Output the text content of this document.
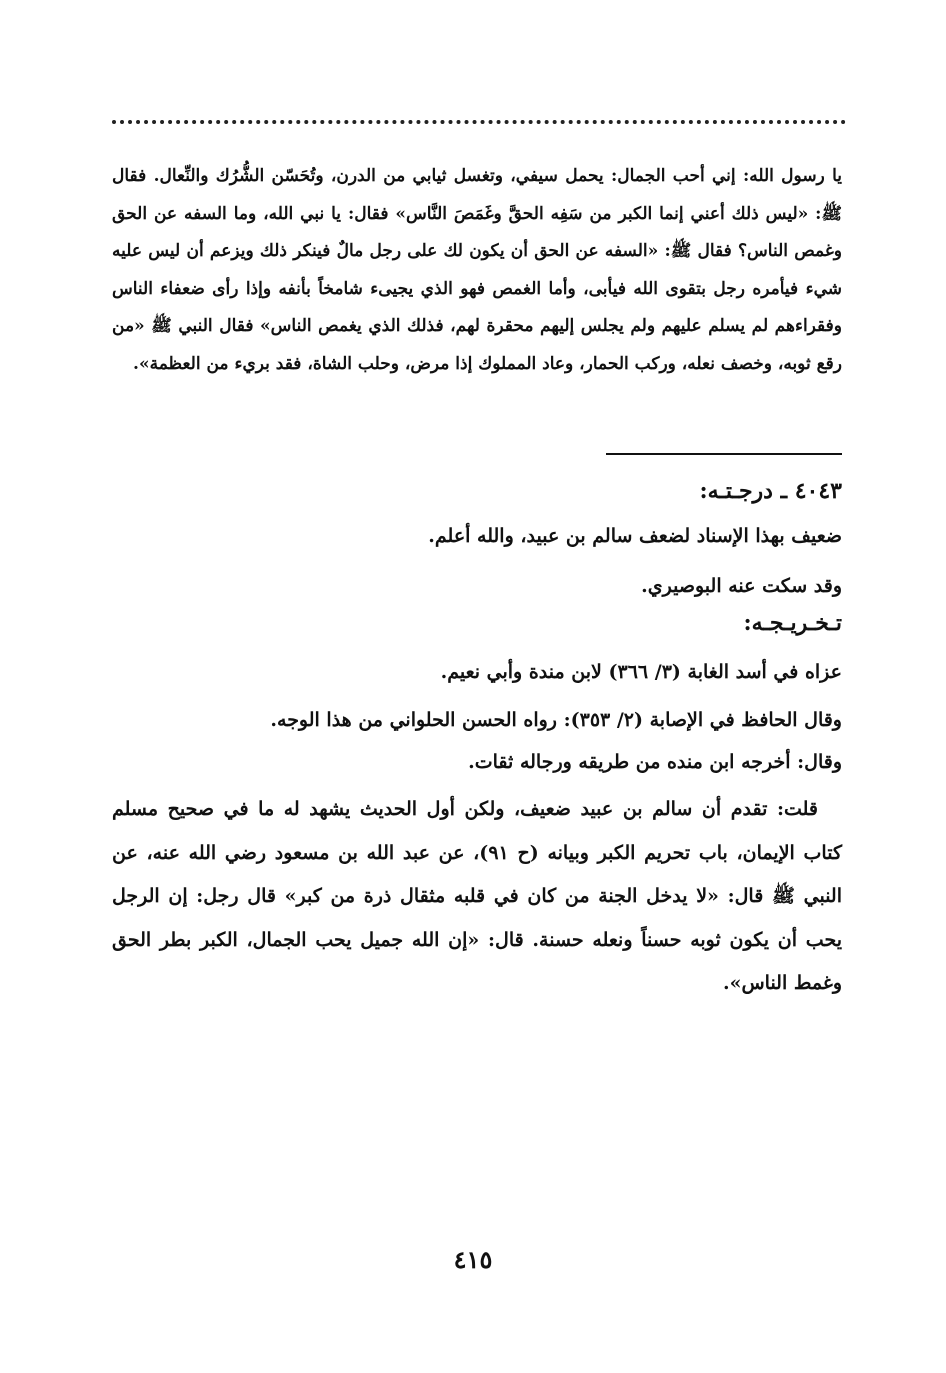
يا رسول الله: إني أحب الجمال: يحمل سيفي، وتغسل ثيابي من الدرن، وتُحَسّن الشُّرُك والنِّعال. فقال ﷺ: «ليس ذلك أعني إنما الكبر من سَفِه الحقَّ وغَمَصَ النَّاس» فقال: يا نبي الله، وما السفه عن الحق وغمص الناس؟ فقال ﷺ: «السفه عن الحق أن يكون لك على رجل مالٌ فينكر ذلك ويزعم أن ليس عليه شيء فيأمره رجل بتقوى الله فيأبى، وأما الغمص فهو الذي يجيىء شامخاً بأنفه وإذا رأى ضعفاء الناس وفقراءهم لم يسلم عليهم ولم يجلس إليهم محقرة لهم، فذلك الذي يغمص الناس» فقال النبي ﷺ «من رقع ثوبه، وخصف نعله، وركب الحمار، وعاد المملوك إذا مرض، وحلب الشاة، فقد بريء من العظمة».
٤٠٤٣ ـ درجـتـه:
ضعيف بهذا الإسناد لضعف سالم بن عبيد، والله أعلم.
وقد سكت عنه البوصيري.
تـخـريـجـه:
عزاه في أسد الغابة (٣/ ٣٦٦) لابن مندة وأبي نعيم.
وقال الحافظ في الإصابة (٢/ ٣٥٣): رواه الحسن الحلواني من هذا الوجه.
وقال: أخرجه ابن منده من طريقه ورجاله ثقات.
قلت: تقدم أن سالم بن عبيد ضعيف، ولكن أول الحديث يشهد له ما في صحيح مسلم كتاب الإيمان، باب تحريم الكبر وبيانه (ح ٩١)، عن عبد الله بن مسعود رضي الله عنه، عن النبي ﷺ قال: «لا يدخل الجنة من كان في قلبه مثقال ذرة من كبر» قال رجل: إن الرجل يحب أن يكون ثوبه حسناً ونعله حسنة. قال: «إن الله جميل يحب الجمال، الكبر بطر الحق وغمط الناس».
٤١٥
